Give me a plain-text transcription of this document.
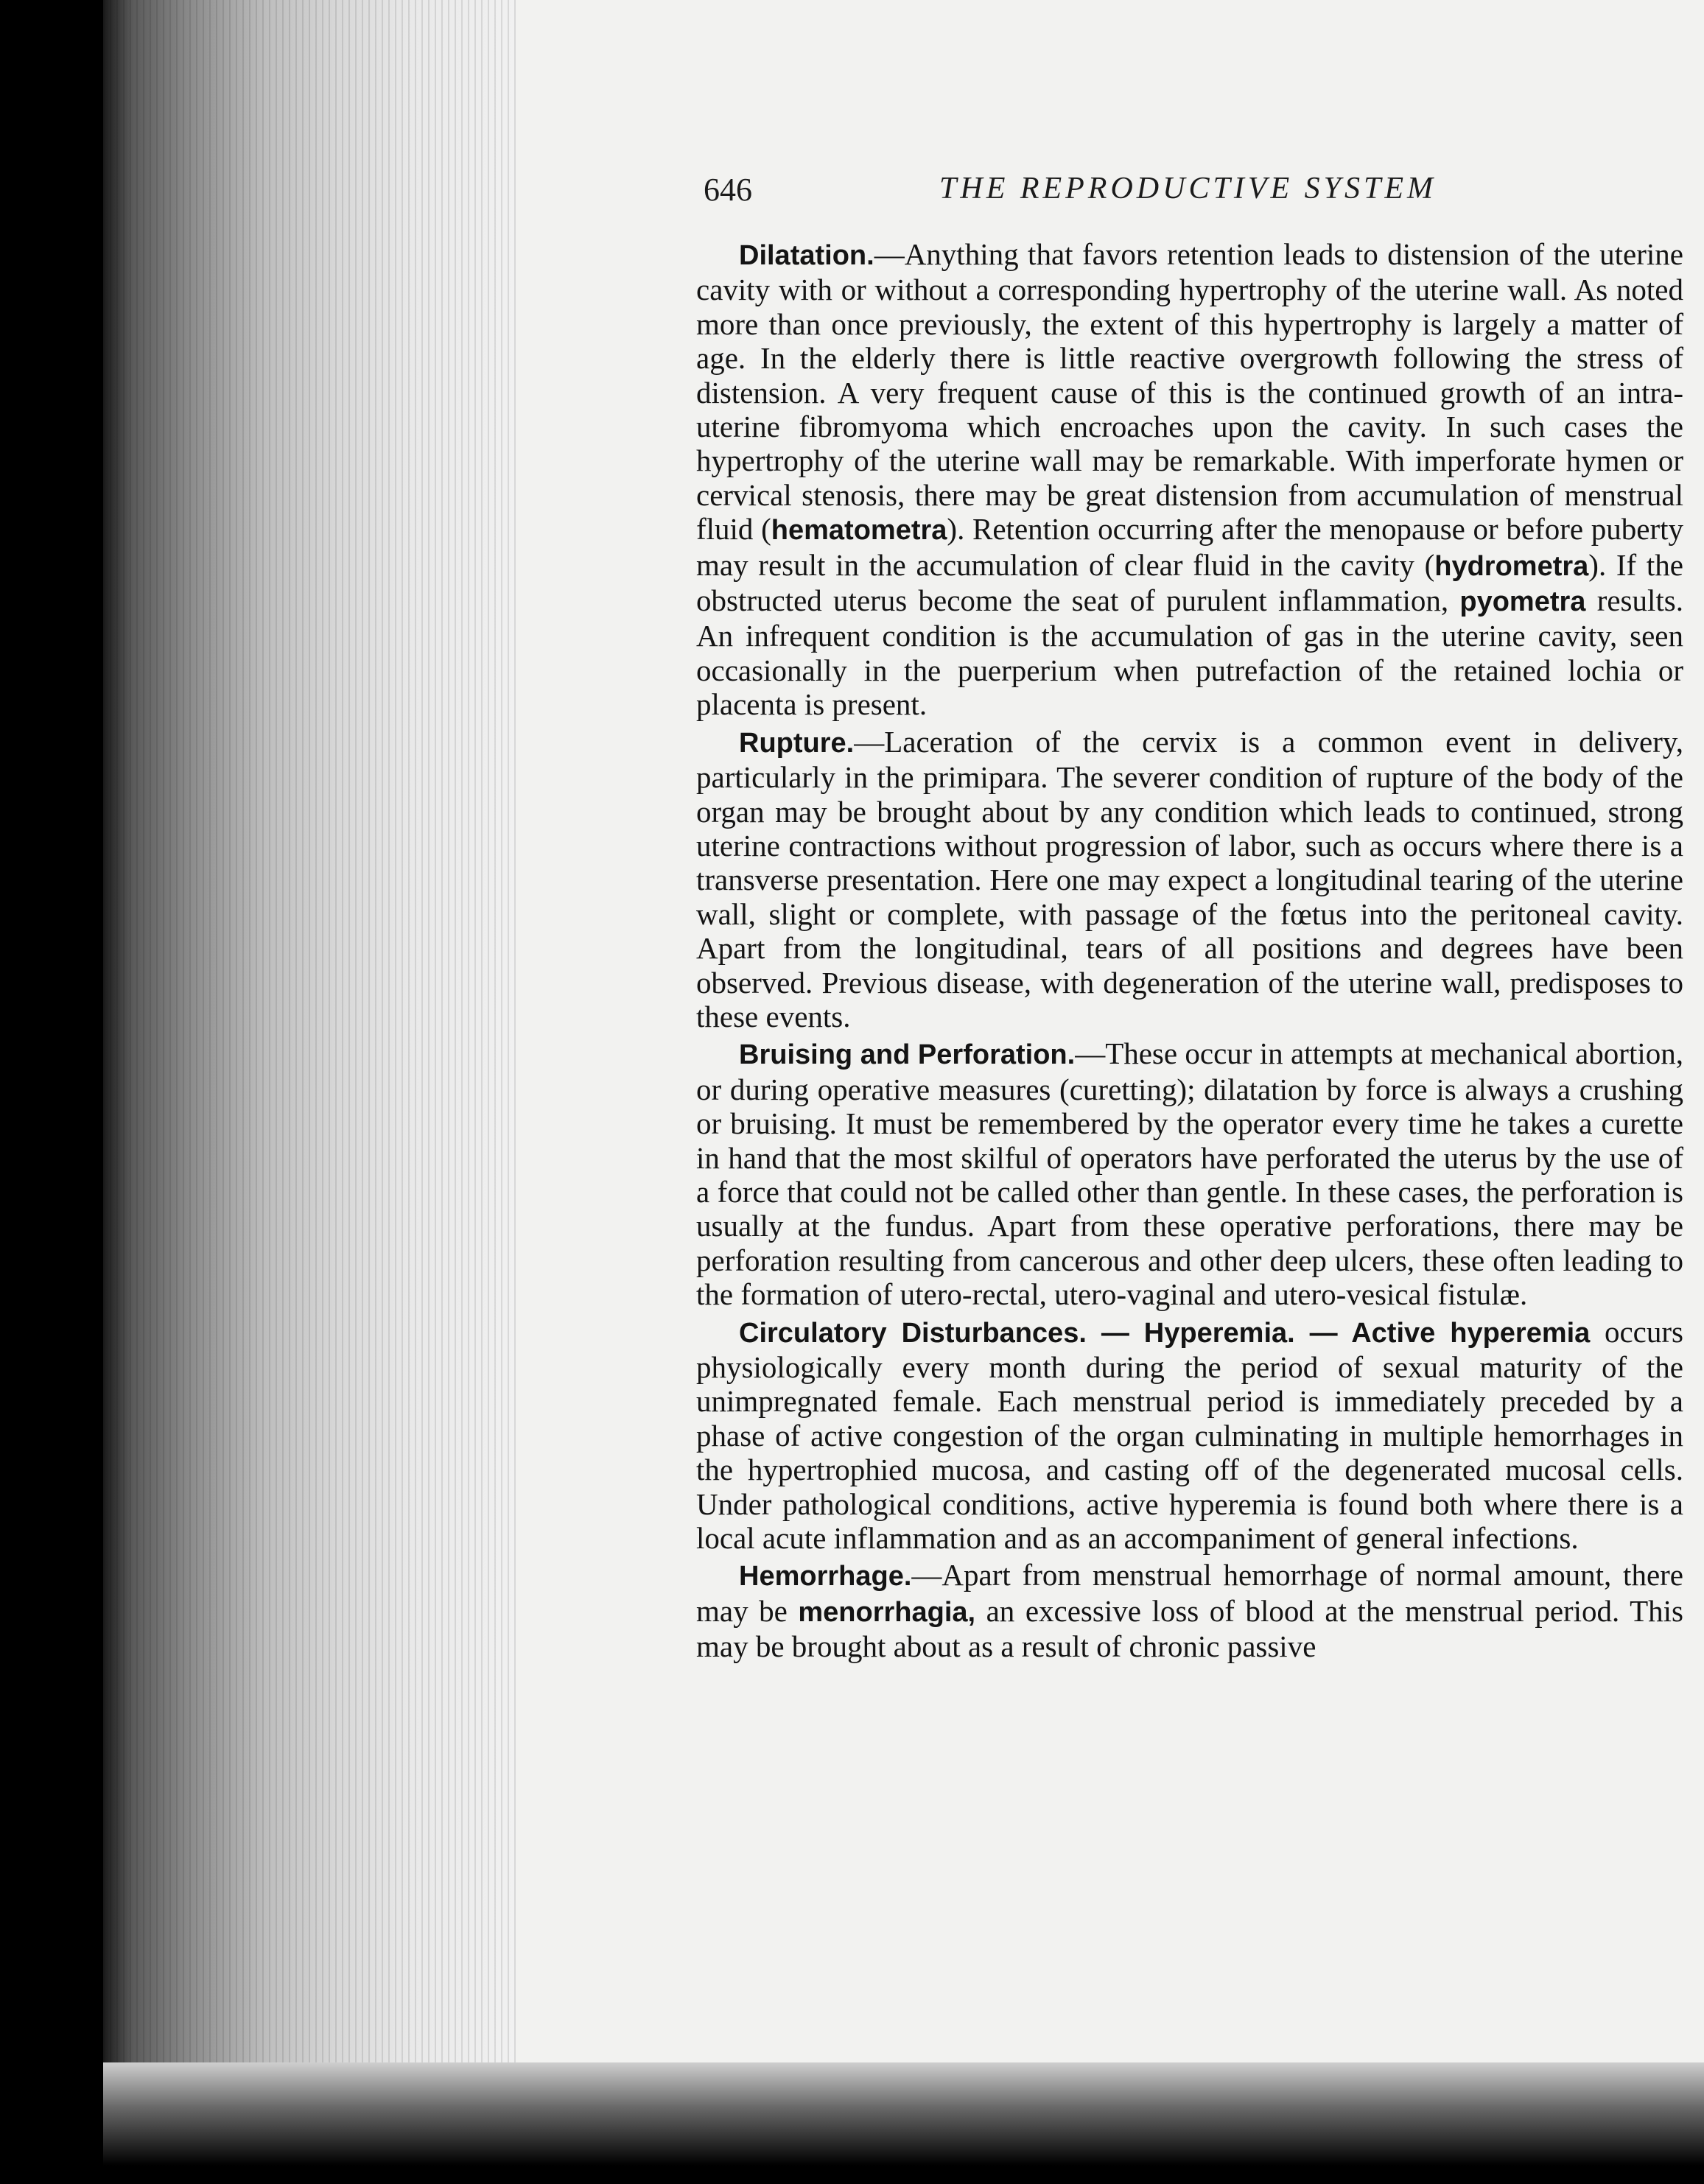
646	THE REPRODUCTIVE SYSTEM

Dilatation.—Anything that favors retention leads to distension of the uterine cavity with or without a corresponding hypertrophy of the uterine wall. As noted more than once previously, the extent of this hypertrophy is largely a matter of age. In the elderly there is little reactive overgrowth following the stress of distension. A very frequent cause of this is the continued growth of an intra-uterine fibromyoma which encroaches upon the cavity. In such cases the hypertrophy of the uterine wall may be remarkable. With imperforate hymen or cervical stenosis, there may be great distension from accumulation of menstrual fluid (hematometra). Retention occurring after the menopause or before puberty may result in the accumulation of clear fluid in the cavity (hydrometra). If the obstructed uterus become the seat of purulent inflammation, pyometra results. An infrequent condition is the accumulation of gas in the uterine cavity, seen occasionally in the puerperium when putrefaction of the retained lochia or placenta is present.

Rupture.—Laceration of the cervix is a common event in delivery, particularly in the primipara. The severer condition of rupture of the body of the organ may be brought about by any condition which leads to continued, strong uterine contractions without progression of labor, such as occurs where there is a transverse presentation. Here one may expect a longitudinal tearing of the uterine wall, slight or complete, with passage of the fœtus into the peritoneal cavity. Apart from the longitudinal, tears of all positions and degrees have been observed. Previous disease, with degeneration of the uterine wall, predisposes to these events.

Bruising and Perforation.—These occur in attempts at mechanical abortion, or during operative measures (curetting); dilatation by force is always a crushing or bruising. It must be remembered by the operator every time he takes a curette in hand that the most skilful of operators have perforated the uterus by the use of a force that could not be called other than gentle. In these cases, the perforation is usually at the fundus. Apart from these operative perforations, there may be perforation resulting from cancerous and other deep ulcers, these often leading to the formation of utero-rectal, utero-vaginal and utero-vesical fistulæ.

Circulatory Disturbances. — Hyperemia. — Active hyperemia occurs physiologically every month during the period of sexual maturity of the unimpregnated female. Each menstrual period is immediately preceded by a phase of active congestion of the organ culminating in multiple hemorrhages in the hypertrophied mucosa, and casting off of the degenerated mucosal cells. Under pathological conditions, active hyperemia is found both where there is a local acute inflammation and as an accompaniment of general infections.

Hemorrhage.—Apart from menstrual hemorrhage of normal amount, there may be menorrhagia, an excessive loss of blood at the menstrual period. This may be brought about as a result of chronic passive
